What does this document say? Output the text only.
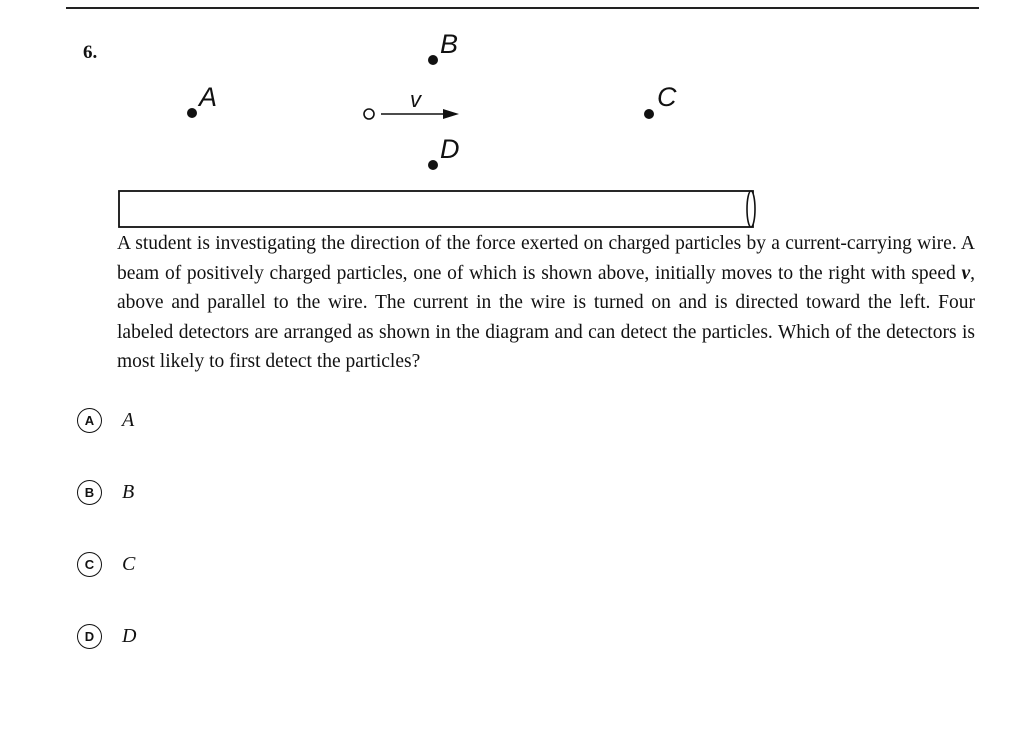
6.
A
B
C
D
v

A student is investigating the direction of the force exerted on charged particles by a current-carrying wire. A beam of positively charged particles, one of which is shown above, initially moves to the right with speed v, above and parallel to the wire. The current in the wire is turned on and is directed toward the left. Four labeled detectors are arranged as shown in the diagram and can detect the particles. Which of the detectors is most likely to first detect the particles?

A	A
B	B
C	C
D	D
